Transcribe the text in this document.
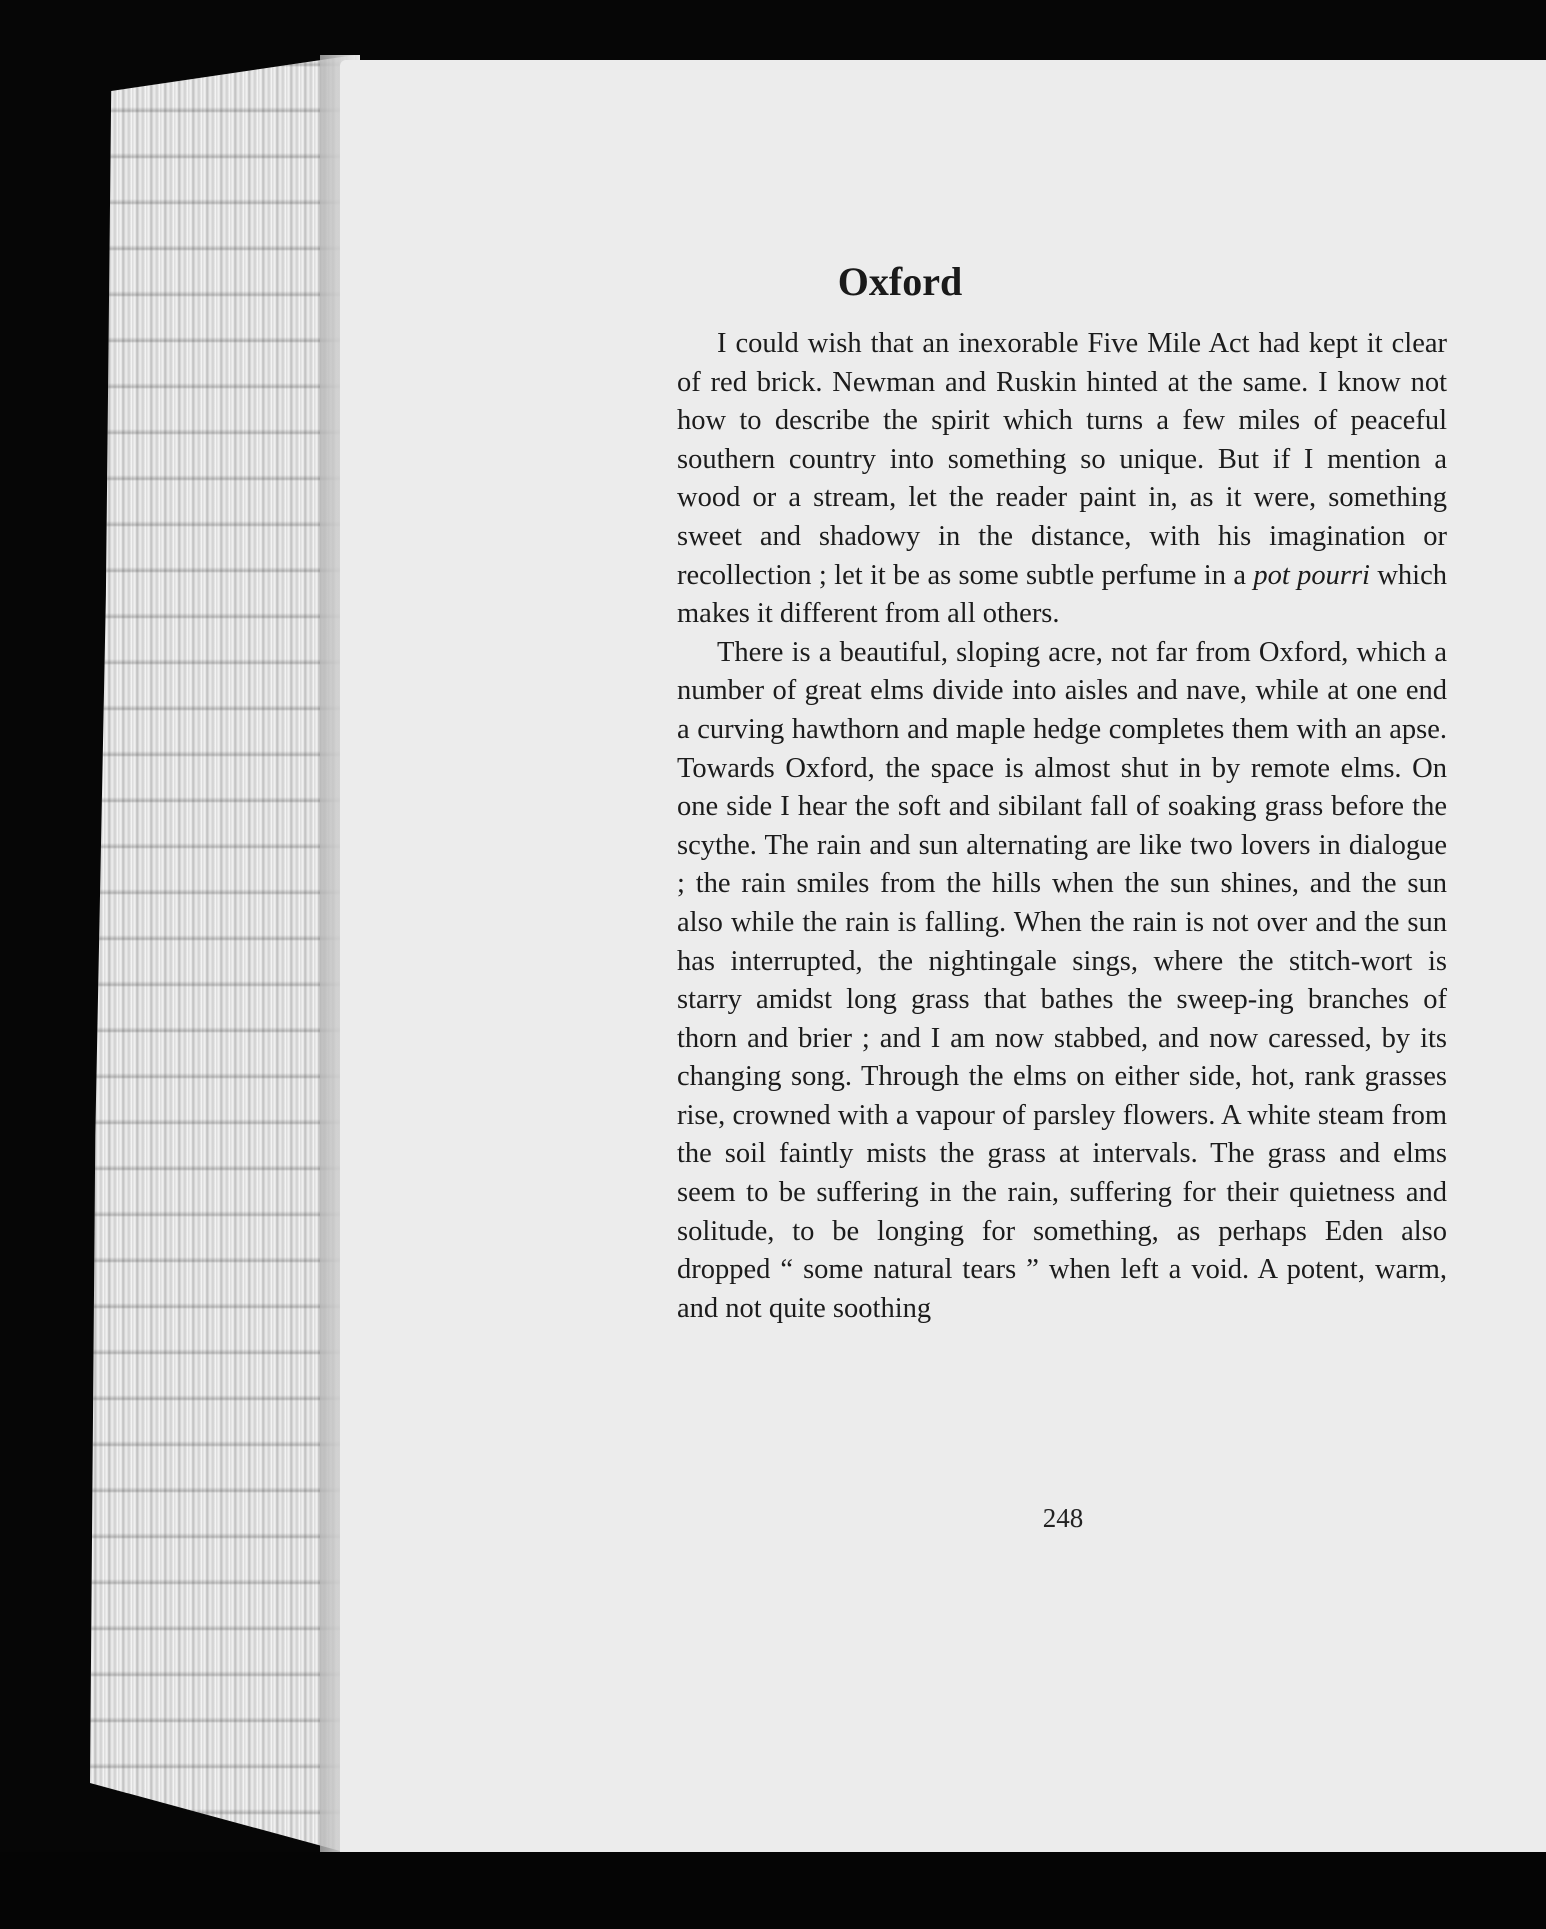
Oxford

I could wish that an inexorable Five Mile Act had kept it clear of red brick. Newman and Ruskin hinted at the same. I know not how to describe the spirit which turns a few miles of peaceful southern country into something so unique. But if I mention a wood or a stream, let the reader paint in, as it were, something sweet and shadowy in the distance, with his imagination or recollection ; let it be as some subtle perfume in a pot pourri which makes it different from all others.

There is a beautiful, sloping acre, not far from Oxford, which a number of great elms divide into aisles and nave, while at one end a curving hawthorn and maple hedge completes them with an apse. Towards Oxford, the space is almost shut in by remote elms. On one side I hear the soft and sibilant fall of soaking grass before the scythe. The rain and sun alternating are like two lovers in dialogue ; the rain smiles from the hills when the sun shines, and the sun also while the rain is falling. When the rain is not over and the sun has interrupted, the nightingale sings, where the stitch-wort is starry amidst long grass that bathes the sweep-ing branches of thorn and brier ; and I am now stabbed, and now caressed, by its changing song. Through the elms on either side, hot, rank grasses rise, crowned with a vapour of parsley flowers. A white steam from the soil faintly mists the grass at intervals. The grass and elms seem to be suffering in the rain, suffering for their quietness and solitude, to be longing for something, as perhaps Eden also dropped “ some natural tears ” when left a void. A potent, warm, and not quite soothing

248
